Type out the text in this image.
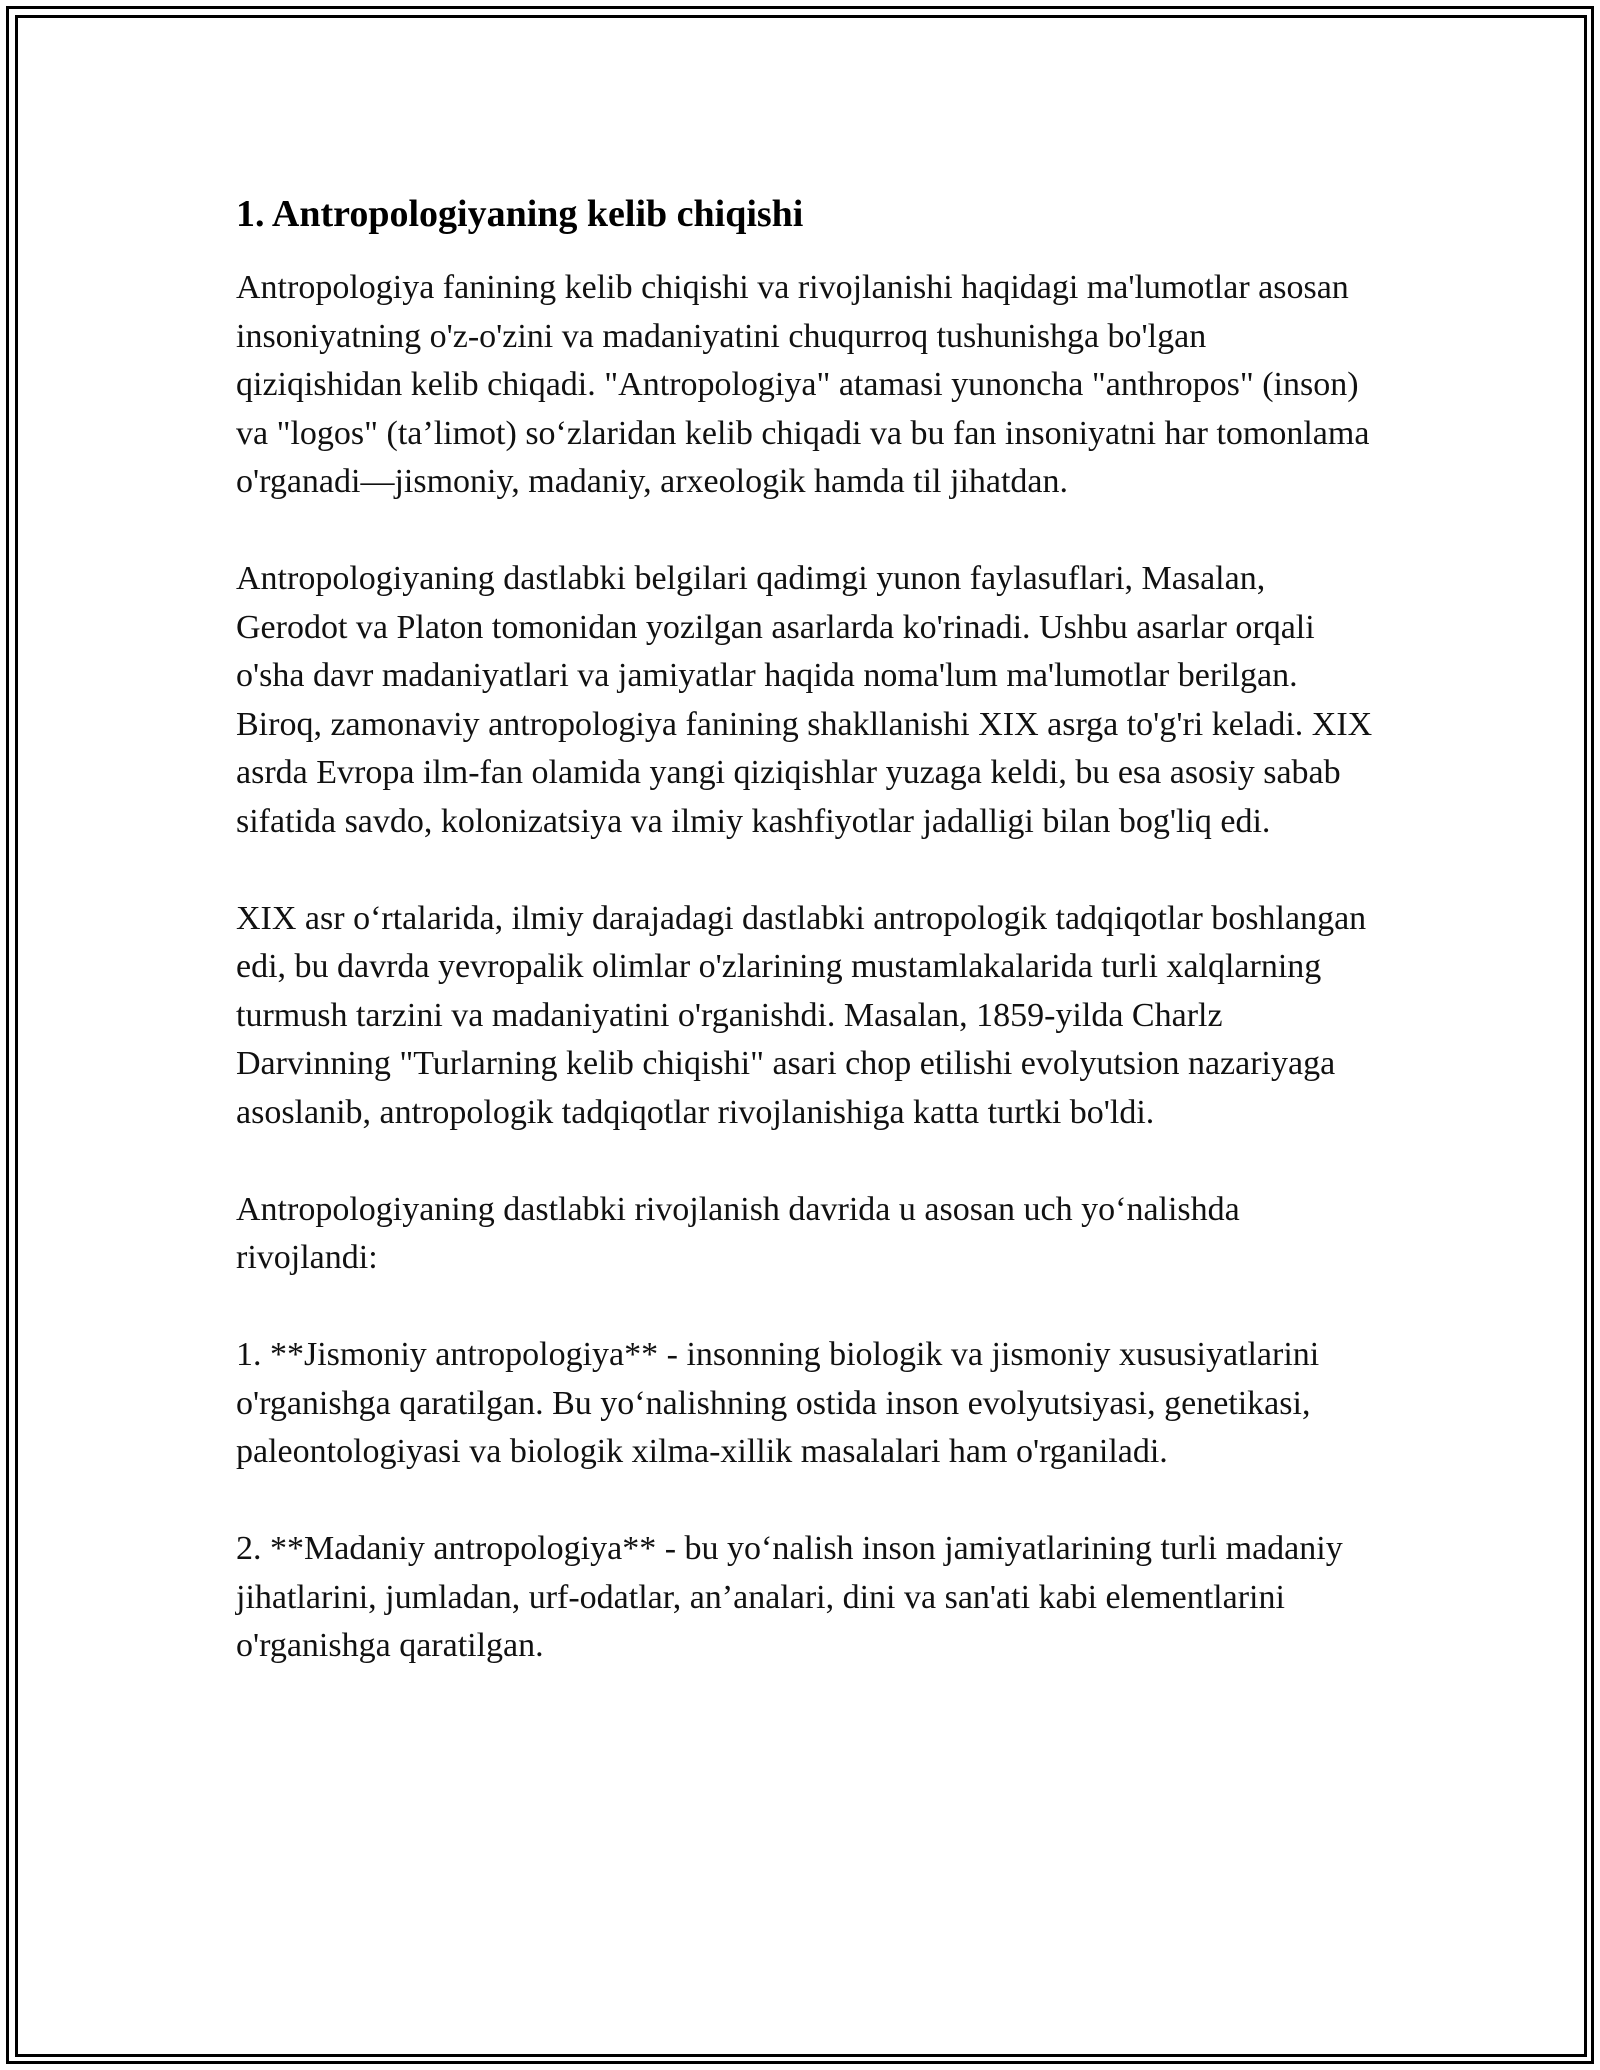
1. Antropologiyaning kelib chiqishi

Antropologiya fanining kelib chiqishi va rivojlanishi haqidagi ma'lumotlar asosan insoniyatning o'z-o'zini va madaniyatini chuqurroq tushunishga bo'lgan qiziqishidan kelib chiqadi. "Antropologiya" atamasi yunoncha "anthropos" (inson) va "logos" (ta’limot) so‘zlaridan kelib chiqadi va bu fan insoniyatni har tomonlama o'rganadi—jismoniy, madaniy, arxeologik hamda til jihatdan.

Antropologiyaning dastlabki belgilari qadimgi yunon faylasuflari, Masalan, Gerodot va Platon tomonidan yozilgan asarlarda ko'rinadi. Ushbu asarlar orqali o'sha davr madaniyatlari va jamiyatlar haqida noma'lum ma'lumotlar berilgan. Biroq, zamonaviy antropologiya fanining shakllanishi XIX asrga to'g'ri keladi. XIX asrda Evropa ilm-fan olamida yangi qiziqishlar yuzaga keldi, bu esa asosiy sabab sifatida savdo, kolonizatsiya va ilmiy kashfiyotlar jadalligi bilan bog'liq edi.

XIX asr o‘rtalarida, ilmiy darajadagi dastlabki antropologik tadqiqotlar boshlangan edi, bu davrda yevropalik olimlar o'zlarining mustamlakalarida turli xalqlarning turmush tarzini va madaniyatini o'rganishdi. Masalan, 1859-yilda Charlz Darvinning "Turlarning kelib chiqishi" asari chop etilishi evolyutsion nazariyaga asoslanib, antropologik tadqiqotlar rivojlanishiga katta turtki bo'ldi.

Antropologiyaning dastlabki rivojlanish davrida u asosan uch yo‘nalishda rivojlandi:

1. **Jismoniy antropologiya** - insonning biologik va jismoniy xususiyatlarini o'rganishga qaratilgan. Bu yo‘nalishning ostida inson evolyutsiyasi, genetikasi, paleontologiyasi va biologik xilma-xillik masalalari ham o'rganiladi.

2. **Madaniy antropologiya** - bu yo‘nalish inson jamiyatlarining turli madaniy jihatlarini, jumladan, urf-odatlar, an’analari, dini va san'ati kabi elementlarini o'rganishga qaratilgan.
